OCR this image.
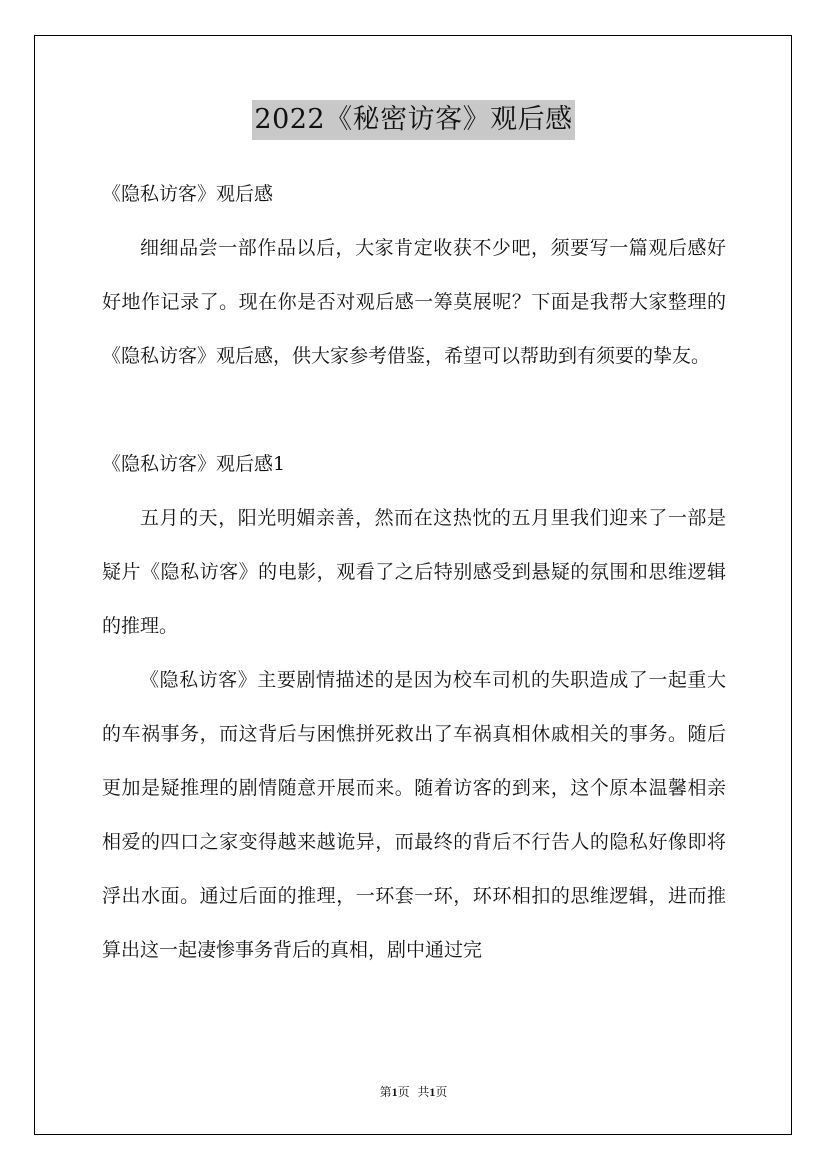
2022《秘密访客》观后感

《隐私访客》观后感

细细品尝一部作品以后，大家肯定收获不少吧，须要写一篇观后感好好地作记录了。现在你是否对观后感一筹莫展呢？下面是我帮大家整理的《隐私访客》观后感，供大家参考借鉴，希望可以帮助到有须要的挚友。

《隐私访客》观后感1

五月的天，阳光明媚亲善，然而在这热忱的五月里我们迎来了一部是疑片《隐私访客》的电影，观看了之后特别感受到悬疑的氛围和思维逻辑的推理。

《隐私访客》主要剧情描述的是因为校车司机的失职造成了一起重大的车祸事务，而这背后与困憔拼死救出了车祸真相休戚相关的事务。随后更加是疑推理的剧情随意开展而来。随着访客的到来，这个原本温馨相亲相爱的四口之家变得越来越诡异，而最终的背后不行告人的隐私好像即将浮出水面。通过后面的推理，一环套一环，环环相扣的思维逻辑，进而推算出这一起凄惨事务背后的真相，剧中通过完

第1页 共1页
